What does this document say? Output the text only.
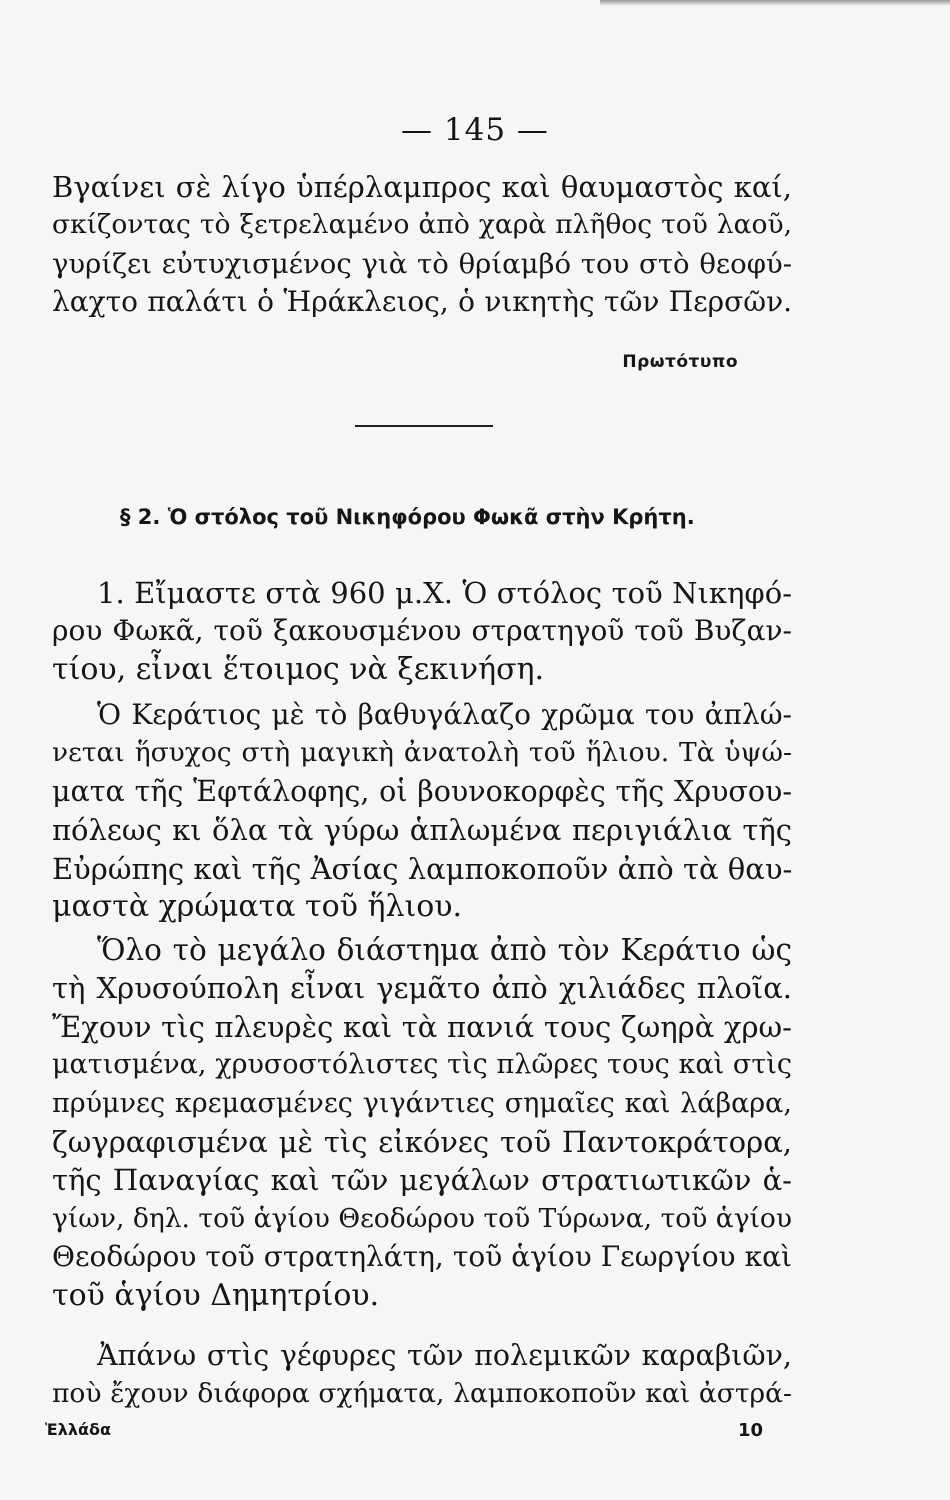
— 145 —
Βγαίνει σὲ λίγο ὑπέρλαμπρος καὶ θαυμαστὸς καί,
σκίζοντας τὸ ξετρελαμένο ἀπὸ χαρὰ πλῆθος τοῦ λαοῦ,
γυρίζει εὐτυχισμένος γιὰ τὸ θρίαμβό του στὸ θεοφύ-
λαχτο παλάτι ὁ Ἡράκλειος, ὁ νικητὴς τῶν Περσῶν.
Πρωτότυπο
§ 2. Ὁ στόλος τοῦ Νικηφόρου Φωκᾶ στὴν Κρήτη.
1. Εἴμαστε στὰ 960 μ.Χ. Ὁ στόλος τοῦ Νικηφό-
ρου Φωκᾶ, τοῦ ξακουσμένου στρατηγοῦ τοῦ Βυζαν-
τίου, εἶναι ἕτοιμος νὰ ξεκινήση.
Ὁ Κεράτιος μὲ τὸ βαθυγάλαζο χρῶμα του ἀπλώ-
νεται ἥσυχος στὴ μαγικὴ ἀνατολὴ τοῦ ἥλιου. Τὰ ὑψώ-
ματα τῆς Ἑφτάλοφης, οἱ βουνοκορφὲς τῆς Χρυσου-
πόλεως κι ὅλα τὰ γύρω ἁπλωμένα περιγιάλια τῆς
Εὐρώπης καὶ τῆς Ἀσίας λαμποκοποῦν ἀπὸ τὰ θαυ-
μαστὰ χρώματα τοῦ ἥλιου.
Ὅλο τὸ μεγάλο διάστημα ἀπὸ τὸν Κεράτιο ὡς
τὴ Χρυσούπολη εἶναι γεμᾶτο ἀπὸ χιλιάδες πλοῖα.
Ἔχουν τὶς πλευρὲς καὶ τὰ πανιά τους ζωηρὰ χρω-
ματισμένα, χρυσοστόλιστες τὶς πλῶρες τους καὶ στὶς
πρύμνες κρεμασμένες γιγάντιες σημαῖες καὶ λάβαρα,
ζωγραφισμένα μὲ τὶς εἰκόνες τοῦ Παντοκράτορα,
τῆς Παναγίας καὶ τῶν μεγάλων στρατιωτικῶν ἁ-
γίων, δηλ. τοῦ ἁγίου Θεοδώρου τοῦ Τύρωνα, τοῦ ἁγίου
Θεοδώρου τοῦ στρατηλάτη, τοῦ ἁγίου Γεωργίου καὶ
τοῦ ἁγίου Δημητρίου.
Ἀπάνω στὶς γέφυρες τῶν πολεμικῶν καραβιῶν,
ποὺ ἔχουν διάφορα σχήματα, λαμποκοποῦν καὶ ἀστρά-
Ἑλλάδα	10
